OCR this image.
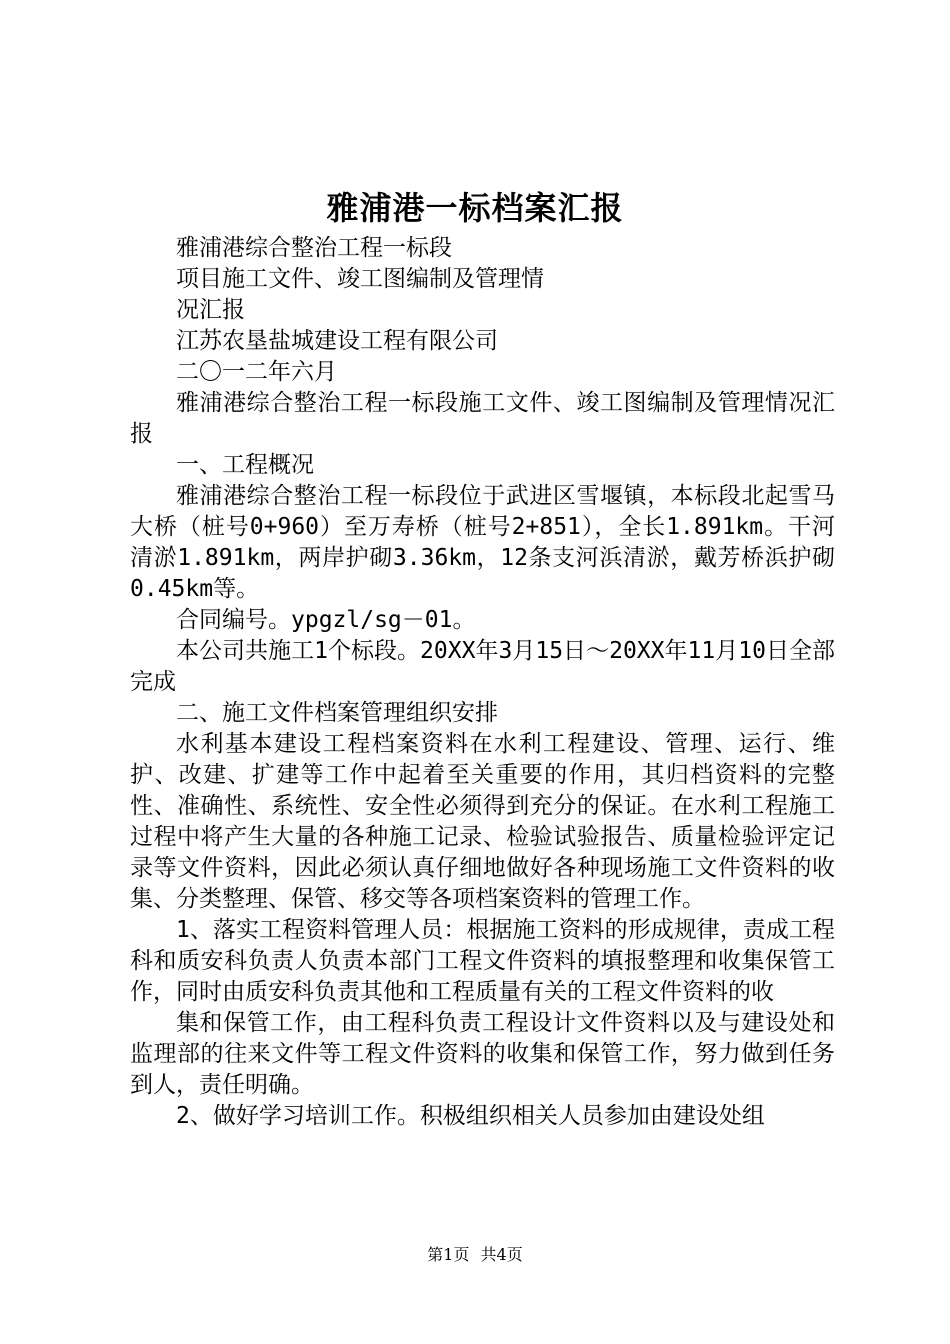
雅浦港一标档案汇报

雅浦港综合整治工程一标段

项目施工文件、竣工图编制及管理情

况汇报

江苏农垦盐城建设工程有限公司

二〇一二年六月

雅浦港综合整治工程一标段施工文件、竣工图编制及管理情况汇报

一、工程概况

雅浦港综合整治工程一标段位于武进区雪堰镇，本标段北起雪马大桥（桩号0+960）至万寿桥（桩号2+851），全长1.891km。干河清淤1.891km，两岸护砌3.36km，12条支河浜清淤，戴芳桥浜护砌0.45km等。

合同编号。ypgzl/sg－01。

本公司共施工1个标段。20XX年3月15日～20XX年11月10日全部完成

二、施工文件档案管理组织安排

水利基本建设工程档案资料在水利工程建设、管理、运行、维护、改建、扩建等工作中起着至关重要的作用，其归档资料的完整性、准确性、系统性、安全性必须得到充分的保证。在水利工程施工过程中将产生大量的各种施工记录、检验试验报告、质量检验评定记录等文件资料，因此必须认真仔细地做好各种现场施工文件资料的收集、分类整理、保管、移交等各项档案资料的管理工作。

1、落实工程资料管理人员：根据施工资料的形成规律，责成工程科和质安科负责人负责本部门工程文件资料的填报整理和收集保管工作，同时由质安科负责其他和工程质量有关的工程文件资料的收

集和保管工作，由工程科负责工程设计文件资料以及与建设处和监理部的往来文件等工程文件资料的收集和保管工作，努力做到任务到人，责任明确。

2、做好学习培训工作。积极组织相关人员参加由建设处组

第1页 共4页
